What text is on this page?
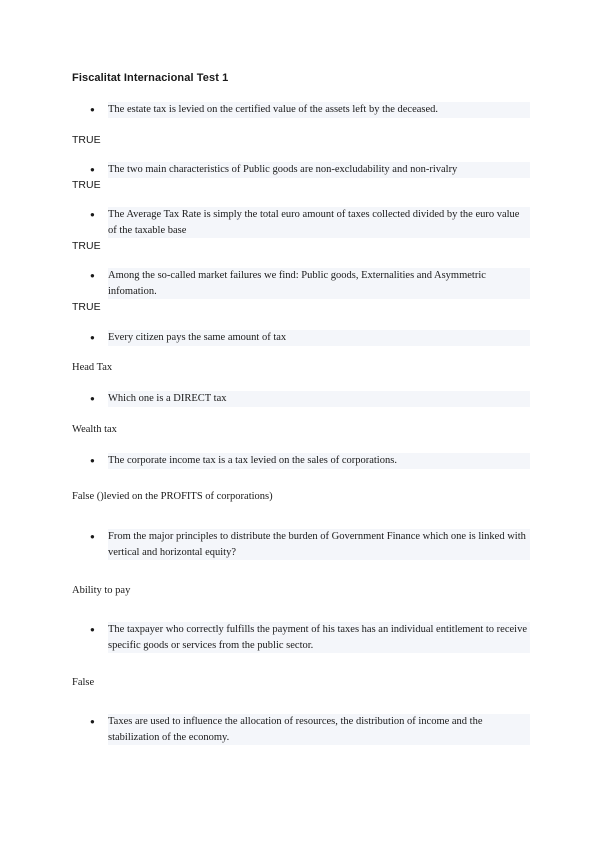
Fiscalitat Internacional Test 1
● The estate tax is levied on the certified value of the assets left by the deceased.
TRUE
● The two main characteristics of Public goods are non-excludability and non-rivalry
TRUE
● The Average Tax Rate is simply the total euro amount of taxes collected divided by the euro value of the taxable base
TRUE
● Among the so-called market failures we find: Public goods, Externalities and Asymmetric infomation.
TRUE
● Every citizen pays the same amount of tax
Head Tax
● Which one is a DIRECT tax
Wealth tax
● The corporate income tax is a tax levied on the sales of corporations.
False ()levied on the PROFITS of corporations)
● From the major principles to distribute the burden of Government Finance which one is linked with vertical and horizontal equity?
Ability to pay
● The taxpayer who correctly fulfills the payment of his taxes has an individual entitlement to receive specific goods or services from the public sector.
False
● Taxes are used to influence the allocation of resources, the distribution of income and the stabilization of the economy.
